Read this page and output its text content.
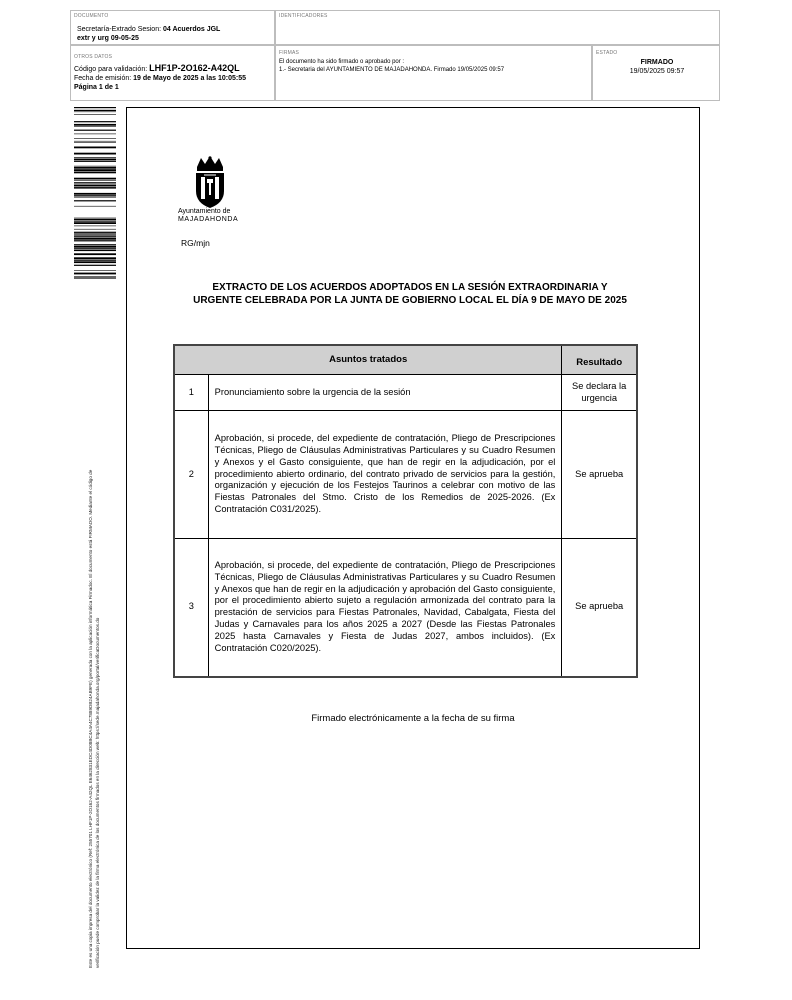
DOCUMENTO
Secretaría-Extrado Sesion: 04 Acuerdos JGL
extr y urg 09-05-25
IDENTIFICADORES
OTROS DATOS
Código para validación: LHF1P-2O162-A42QL
Fecha de emisión: 19 de Mayo de 2025 a las 10:05:55
Página 1 de 1
FIRMAS
El documento ha sido firmado o aprobado por :
1.- Secretaria del AYUNTAMIENTO DE MAJADAHONDA. Firmado 19/05/2025 09:57
ESTADO
FIRMADO
19/05/2025 09:57
Este es una copia impresa del documento electrónico (Ref: 255701 LHF1P-2O162-A42QL E6462831EDC4D08BC4A4A4C7889DB24AB9FE) generada con la aplicación informática Firmadoc. El documento está FIRMADO. Mediante el código de verificación puede comprobar la validez de la firma electrónica de los documentos firmados en la dirección web: https://sede.majadahonda.org/portal/verificaDocumentos.do
Ayuntamiento de
MAJADAHONDA
RG/mjn
EXTRACTO DE LOS ACUERDOS ADOPTADOS EN LA SESIÓN EXTRAORDINARIA Y
URGENTE CELEBRADA POR LA JUNTA DE GOBIERNO LOCAL EL DÍA 9 DE MAYO DE 2025
Asuntos tratados		Resultado
1	Pronunciamiento sobre la urgencia de la sesión	Se declara la urgencia
2	Aprobación, si procede, del expediente de contratación, Pliego de Prescripciones Técnicas, Pliego de Cláusulas Administrativas Particulares y su Cuadro Resumen y Anexos y el Gasto consiguiente, que han de regir en la adjudicación, por el procedimiento abierto ordinario, del contrato privado de servicios para la gestión, organización y ejecución de los Festejos Taurinos a celebrar con motivo de las Fiestas Patronales del Stmo. Cristo de los Remedios de 2025-2026. (Ex Contratación C031/2025).	Se aprueba
3	Aprobación, si procede, del expediente de contratación, Pliego de Prescripciones Técnicas, Pliego de Cláusulas Administrativas Particulares y su Cuadro Resumen y Anexos que han de regir en la adjudicación y aprobación del Gasto consiguiente, por el procedimiento abierto sujeto a regulación armonizada del contrato para la prestación de servicios para Fiestas Patronales, Navidad, Cabalgata, Fiesta del Judas y Carnavales para los años 2025 a 2027 (Desde las Fiestas Patronales 2025 hasta Carnavales y Fiesta de Judas 2027, ambos incluidos). (Ex Contratación C020/2025).	Se aprueba
Firmado electrónicamente a la fecha de su firma
